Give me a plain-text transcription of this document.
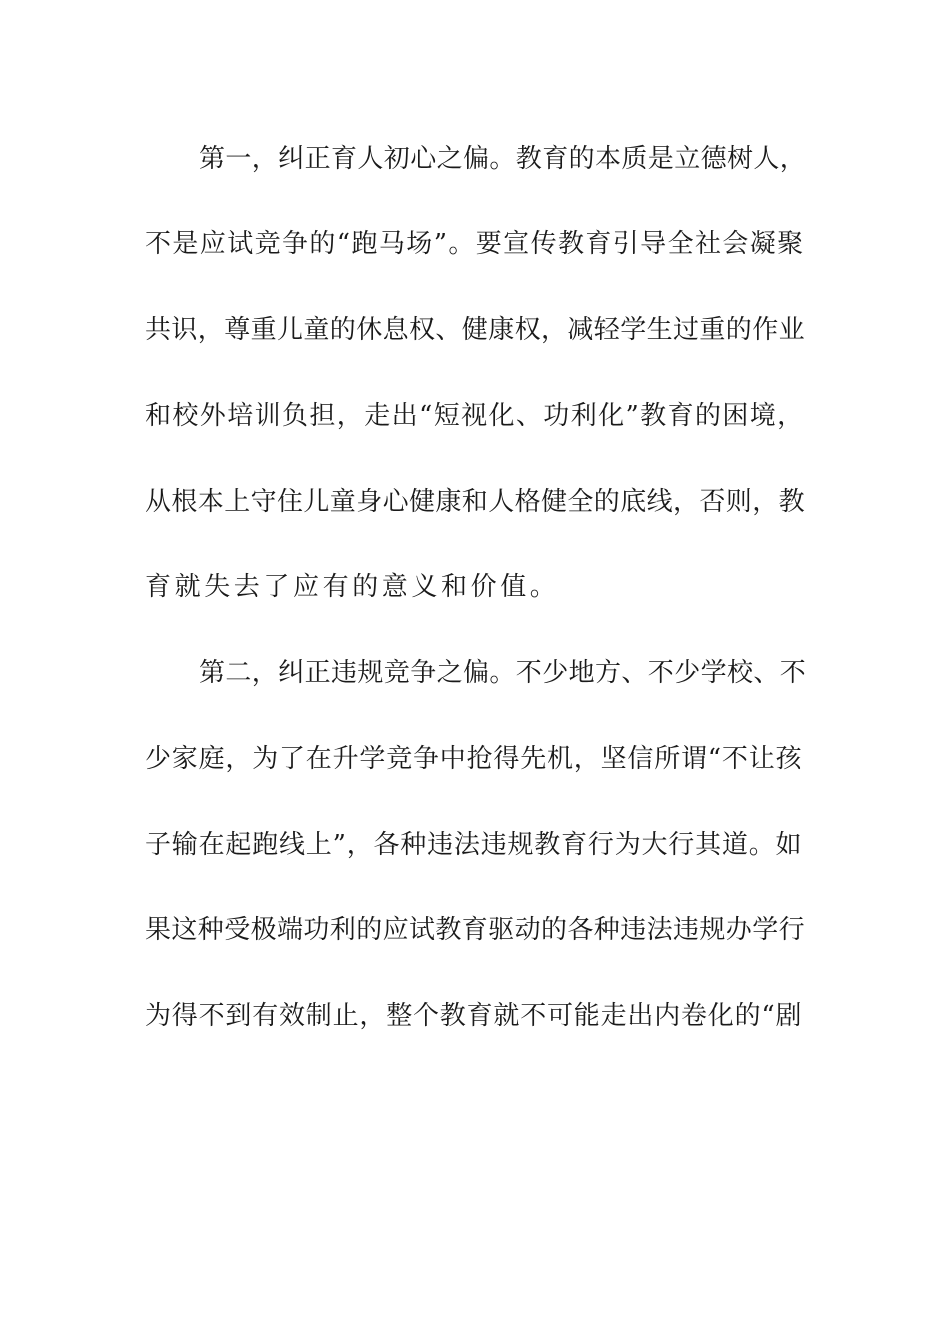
第一，纠正育人初心之偏。教育的本质是立德树人，
不是应试竞争的“跑马场”。要宣传教育引导全社会凝聚
共识，尊重儿童的休息权、健康权，减轻学生过重的作业
和校外培训负担，走出“短视化、功利化”教育的困境，
从根本上守住儿童身心健康和人格健全的底线，否则，教
育就失去了应有的意义和价值。
第二，纠正违规竞争之偏。不少地方、不少学校、不
少家庭，为了在升学竞争中抢得先机，坚信所谓“不让孩
子输在起跑线上”，各种违法违规教育行为大行其道。如
果这种受极端功利的应试教育驱动的各种违法违规办学行
为得不到有效制止，整个教育就不可能走出内卷化的“剧
